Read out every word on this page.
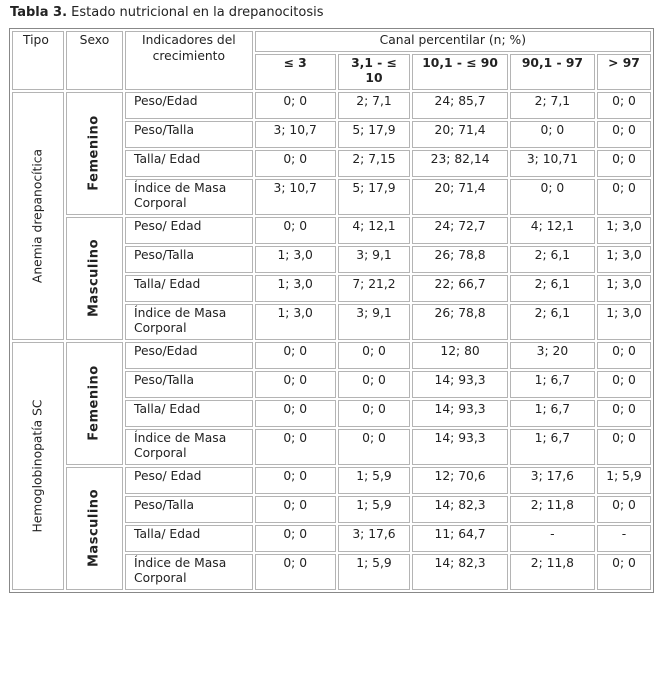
Tabla 3. Estado nutricional en la drepanocitosis
Tipo	Sexo	Indicadores del crecimiento	Canal percentilar (n; %)				
			≤ 3	3,1 - ≤ 10	10,1 - ≤ 90	90,1 - 97	> 97

Anemia drepanocítica	Femenino	Peso/Edad	0; 0	2; 7,1	24; 85,7	2; 7,1	0; 0
		Peso/Talla	3; 10,7	5; 17,9	20; 71,4	0; 0	0; 0
		Talla/ Edad	0; 0	2; 7,15	23; 82,14	3; 10,71	0; 0
		Índice de Masa Corporal	3; 10,7	5; 17,9	20; 71,4	0; 0	0; 0

	Masculino	Peso/ Edad	0; 0	4; 12,1	24; 72,7	4; 12,1	1; 3,0
		Peso/Talla	1; 3,0	3; 9,1	26; 78,8	2; 6,1	1; 3,0
		Talla/ Edad	1; 3,0	7; 21,2	22; 66,7	2; 6,1	1; 3,0
		Índice de Masa Corporal	1; 3,0	3; 9,1	26; 78,8	2; 6,1	1; 3,0

Hemoglobinopatía SC	Femenino	Peso/Edad	0; 0	0; 0	12; 80	3; 20	0; 0
		Peso/Talla	0; 0	0; 0	14; 93,3	1; 6,7	0; 0
		Talla/ Edad	0; 0	0; 0	14; 93,3	1; 6,7	0; 0
		Índice de Masa Corporal	0; 0	0; 0	14; 93,3	1; 6,7	0; 0

	Masculino	Peso/ Edad	0; 0	1; 5,9	12; 70,6	3; 17,6	1; 5,9
		Peso/Talla	0; 0	1; 5,9	14; 82,3	2; 11,8	0; 0
		Talla/ Edad	0; 0	3; 17,6	11; 64,7	-	-
		Índice de Masa Corporal	0; 0	1; 5,9	14; 82,3	2; 11,8	0; 0
